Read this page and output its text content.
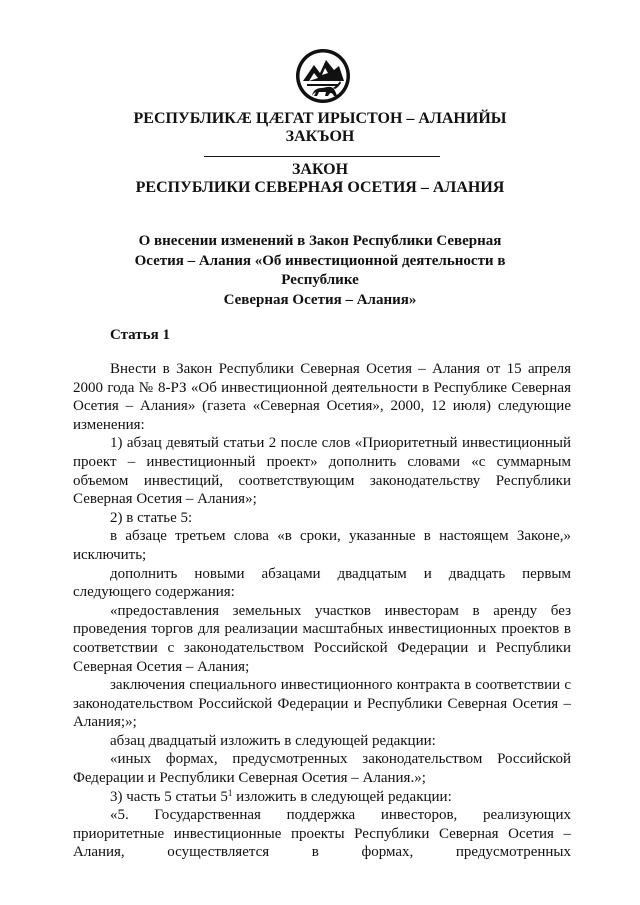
РЕСПУБЛИКÆ ЦÆГАТ ИРЫСТОН – АЛАНИЙЫ
ЗАКЪОН
ЗАКОН
РЕСПУБЛИКИ СЕВЕРНАЯ ОСЕТИЯ – АЛАНИЯ
О внесении изменений в Закон Республики Северная
Осетия – Алания «Об инвестиционной деятельности в Республике
Северная Осетия – Алания»
Статья 1

Внести в Закон Республики Северная Осетия – Алания от 15 апреля 2000 года № 8-РЗ «Об инвестиционной деятельности в Республике Северная Осетия – Алания» (газета «Северная Осетия», 2000, 12 июля) следующие изменения:

1) абзац девятый статьи 2 после слов «Приоритетный инвестиционный проект – инвестиционный проект» дополнить словами «с суммарным объемом инвестиций, соответствующим законодательству Республики Северная Осетия – Алания»;

2) в статье 5:

в абзаце третьем слова «в сроки, указанные в настоящем Законе,» исключить;

дополнить новыми абзацами двадцатым и двадцать первым следующего содержания:

«предоставления земельных участков инвесторам в аренду без проведения торгов для реализации масштабных инвестиционных проектов в соответствии с законодательством Российской Федерации и Республики Северная Осетия – Алания;

заключения специального инвестиционного контракта в соответствии с законодательством Российской Федерации и Республики Северная Осетия – Алания;»;

абзац двадцатый изложить в следующей редакции:

«иных формах, предусмотренных законодательством Российской Федерации и Республики Северная Осетия – Алания.»;

3) часть 5 статьи $5^1$ изложить в следующей редакции:

«5. Государственная поддержка инвесторов, реализующих приоритетные инвестиционные проекты Республики Северная Осетия – Алания, осуществляется в формах, предусмотренных
